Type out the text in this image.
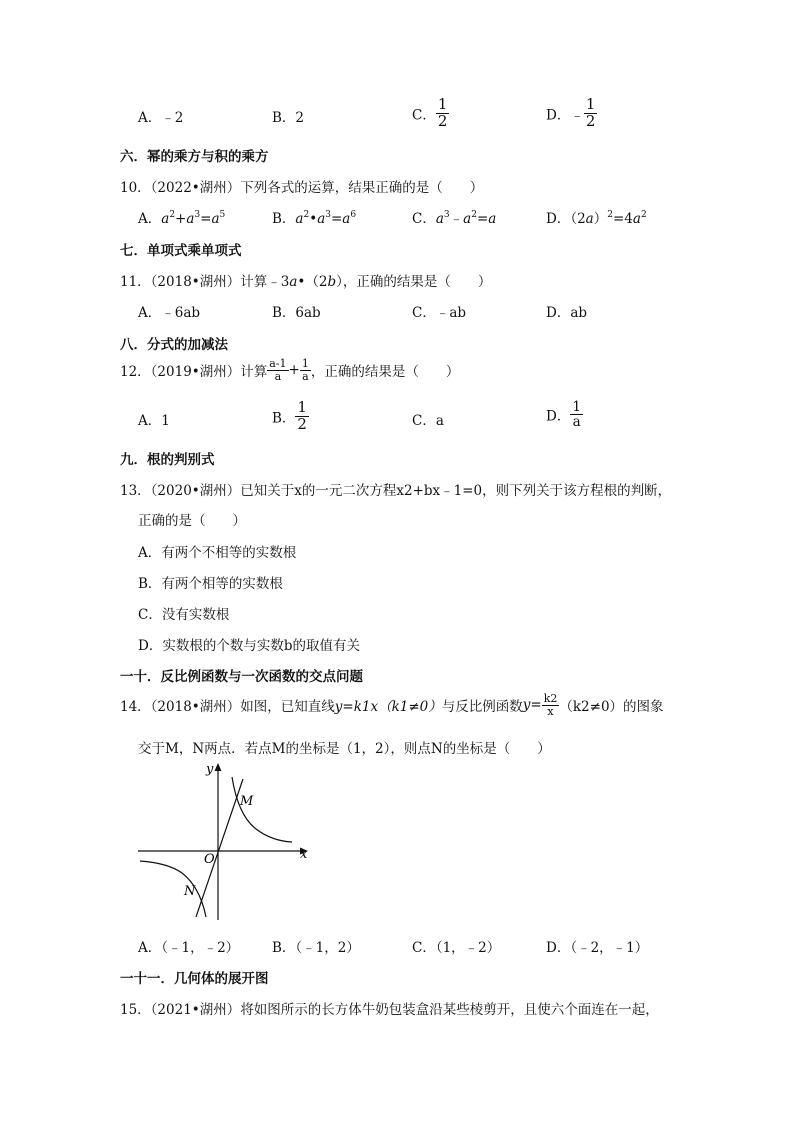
A．﹣2	B．2	C． $\frac{1}{2}$	D．﹣ $\frac{1}{2}$
六．幂的乘方与积的乘方
10．（2022•湖州）下列各式的运算，结果正确的是（　　）
A．$a^2+a^3=a^5$	B．$a^2•a^3=a^6$	C．$a^3﹣a^2=a$	D．$(2a)^2=4a^2$
七．单项式乘单项式
11．（2018•湖州）计算﹣3a•（2b），正确的结果是（　　）
A．﹣6ab	B．6ab	C．﹣ab	D．ab
八．分式的加减法
12．（2019•湖州）计算 $\frac{a-1}{a} + \frac{1}{a}$ ，正确的结果是（　　）
A．1	B． $\frac{1}{2}$	C．a	D． $\frac{1}{a}$
九．根的判别式
13．（2020•湖州）已知关于x的一元二次方程x2+bx﹣1=0，则下列关于该方程根的判断，
正确的是（　　）
A．有两个不相等的实数根
B．有两个相等的实数根
C．没有实数根
D．实数根的个数与实数b的取值有关
一十．反比例函数与一次函数的交点问题
14．（2018•湖州）如图，已知直线y=k1x（k1≠0）与反比例函数$y= \frac{k2}{x} (k2\ne 0)$的图象
交于M，N两点．若点M的坐标是（1，2），则点N的坐标是（　　）
y
x
O
M
N
A．（﹣1，﹣2） B．（﹣1，2）	C．（1，﹣2）	D．（﹣2，﹣1）
一十一．几何体的展开图
15．（2021•湖州）将如图所示的长方体牛奶包装盒沿某些棱剪开，且使六个面连在一起，
